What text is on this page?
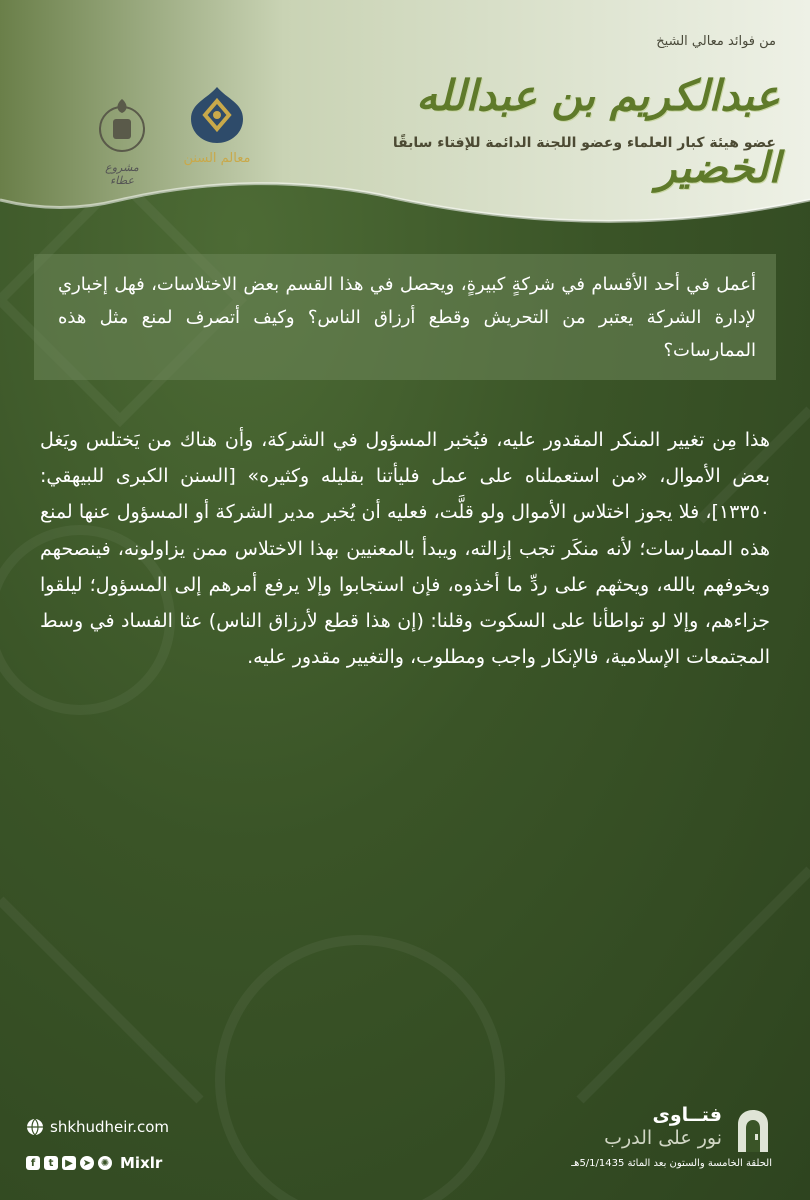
من فوائد معالي الشيخ
عبدالكريم بن عبدالله الخضير
عضو هيئة كبار العلماء وعضو اللجنة الدائمة للإفتاء سابقًا
معالم السنن
مشروع عطاء

أعمل في أحد الأقسام في شركةٍ كبيرةٍ، ويحصل في هذا القسم بعض الاختلاسات، فهل إخباري لإدارة الشركة يعتبر من التحريش وقطع أرزاق الناس؟ وكيف أتصرف لمنع مثل هذه الممارسات؟

هذا مِن تغيير المنكر المقدور عليه، فيُخبر المسؤول في الشركة، وأن هناك من يَختلس ويَغل بعض الأموال، «من استعملناه على عمل فليأتنا بقليله وكثيره» [السنن الكبرى للبيهقي: ١٣٣٥٠]، فلا يجوز اختلاس الأموال ولو قلَّت، فعليه أن يُخبر مدير الشركة أو المسؤول عنها لمنع هذه الممارسات؛ لأنه منكَر تجب إزالته، ويبدأ بالمعنيين بهذا الاختلاس ممن يزاولونه، فينصحهم ويخوفهم بالله، ويحثهم على ردِّ ما أخذوه، فإن استجابوا وإلا يرفع أمرهم إلى المسؤول؛ ليلقوا جزاءهم، وإلا لو تواطأنا على السكوت وقلنا: (إن هذا قطع لأرزاق الناس) عثا الفساد في وسط المجتمعات الإسلامية، فالإنكار واجب ومطلوب، والتغيير مقدور عليه.
shkhudheir.com
f	t	▶ ➤ ✺ Mixlr
فتــاوى
نور على الدرب
الحلقة الخامسة والستون بعد المائة 5/1/1435هـ
